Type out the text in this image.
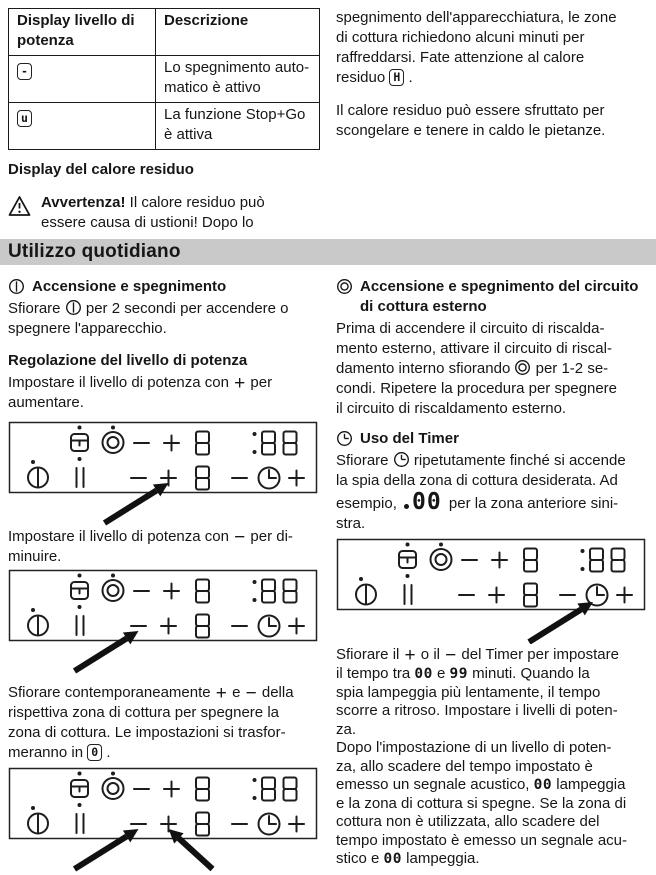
Display livello di
potenza	Descrizione
-	Lo spegnimento auto-
matico è attivo
u	La funzione Stop+Go
è attiva
Display del calore residuo
Avvertenza! Il calore residuo può
essere causa di ustioni! Dopo lo

spegnimento dell'apparecchiatura, le zone
di cottura richiedono alcuni minuti per
raffreddarsi. Fate attenzione al calore
residuo H .

Il calore residuo può essere sfruttato per
scongelare e tenere in caldo le pietanze.

Utilizzo quotidiano
Accensione e spegnimento

Sfiorare  per 2 secondi per accendere o
spegnere l'apparecchio.

Regolazione del livello di potenza

Impostare il livello di potenza con + per
aumentare.

Impostare il livello di potenza con − per di-
minuire.

Sfiorare contemporaneamente + e − della
rispettiva zona di cottura per spegnere la
zona di cottura. Le impostazioni si trasfor-
meranno in 0 .

Accensione e spegnimento del circuito
di cottura esterno

Prima di accendere il circuito di riscalda-
mento esterno, attivare il circuito di riscal-
damento interno sfiorando  per 1-2 se-
condi. Ripetere la procedura per spegnere
il circuito di riscaldamento esterno.

Uso del Timer

Sfiorare  ripetutamente finché si accende
la spia della zona di cottura desiderata. Ad
esempio, 00 per la zona anteriore sini-
stra.

Sfiorare il + o il − del Timer per impostare
il tempo tra 00 e 99 minuti. Quando la
spia lampeggia più lentamente, il tempo
scorre a ritroso. Impostare i livelli di poten-
za.
Dopo l'impostazione di un livello di poten-
za, allo scadere del tempo impostato è
emesso un segnale acustico, 00 lampeggia
e la zona di cottura si spegne. Se la zona di
cottura non è utilizzata, allo scadere del
tempo impostato è emesso un segnale acu-
stico e 00 lampeggia.
